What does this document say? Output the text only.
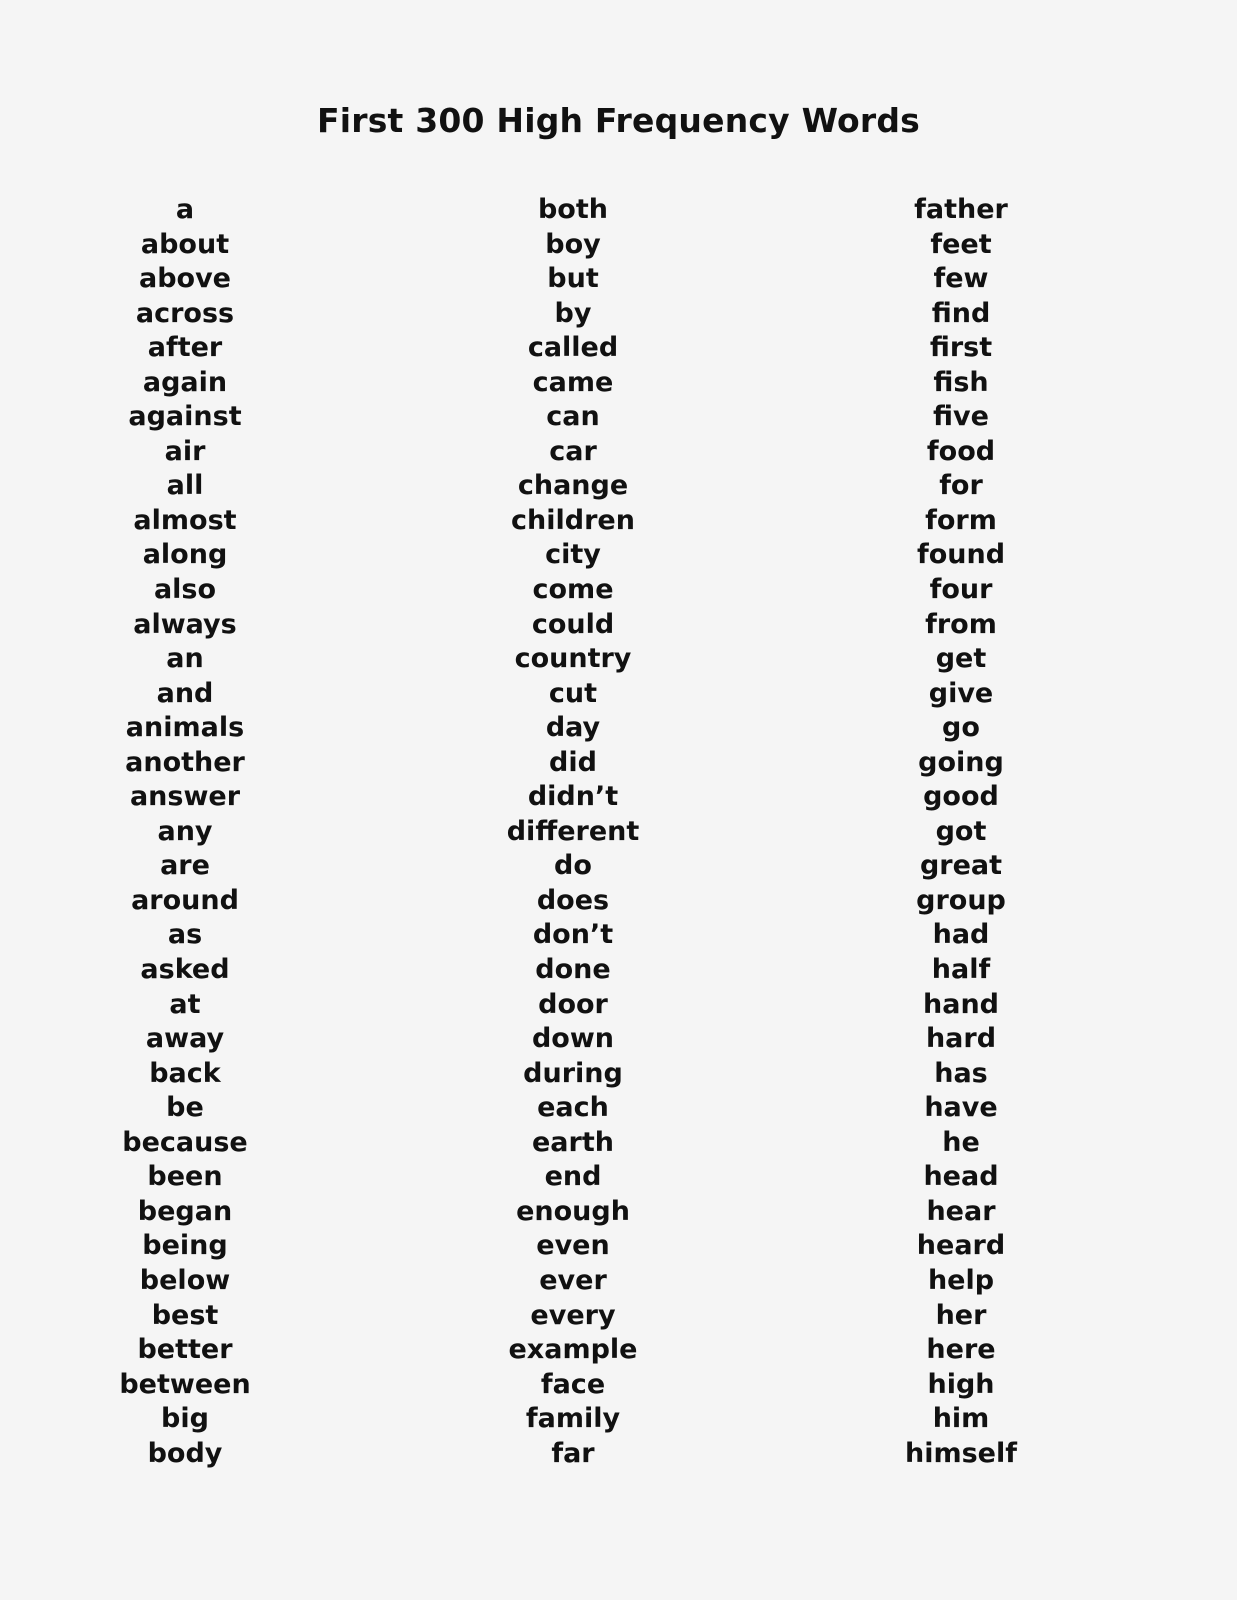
First 300 High Frequency Words
a
about
above
across
after
again
against
air
all
almost
along
also
always
an
and
animals
another
answer
any
are
around
as
asked
at
away
back
be
because
been
began
being
below
best
better
between
big
body
both
boy
but
by
called
came
can
car
change
children
city
come
could
country
cut
day
did
didn’t
different
do
does
don’t
done
door
down
during
each
earth
end
enough
even
ever
every
example
face
family
far
father
feet
few
find
first
fish
five
food
for
form
found
four
from
get
give
go
going
good
got
great
group
had
half
hand
hard
has
have
he
head
hear
heard
help
her
here
high
him
himself
